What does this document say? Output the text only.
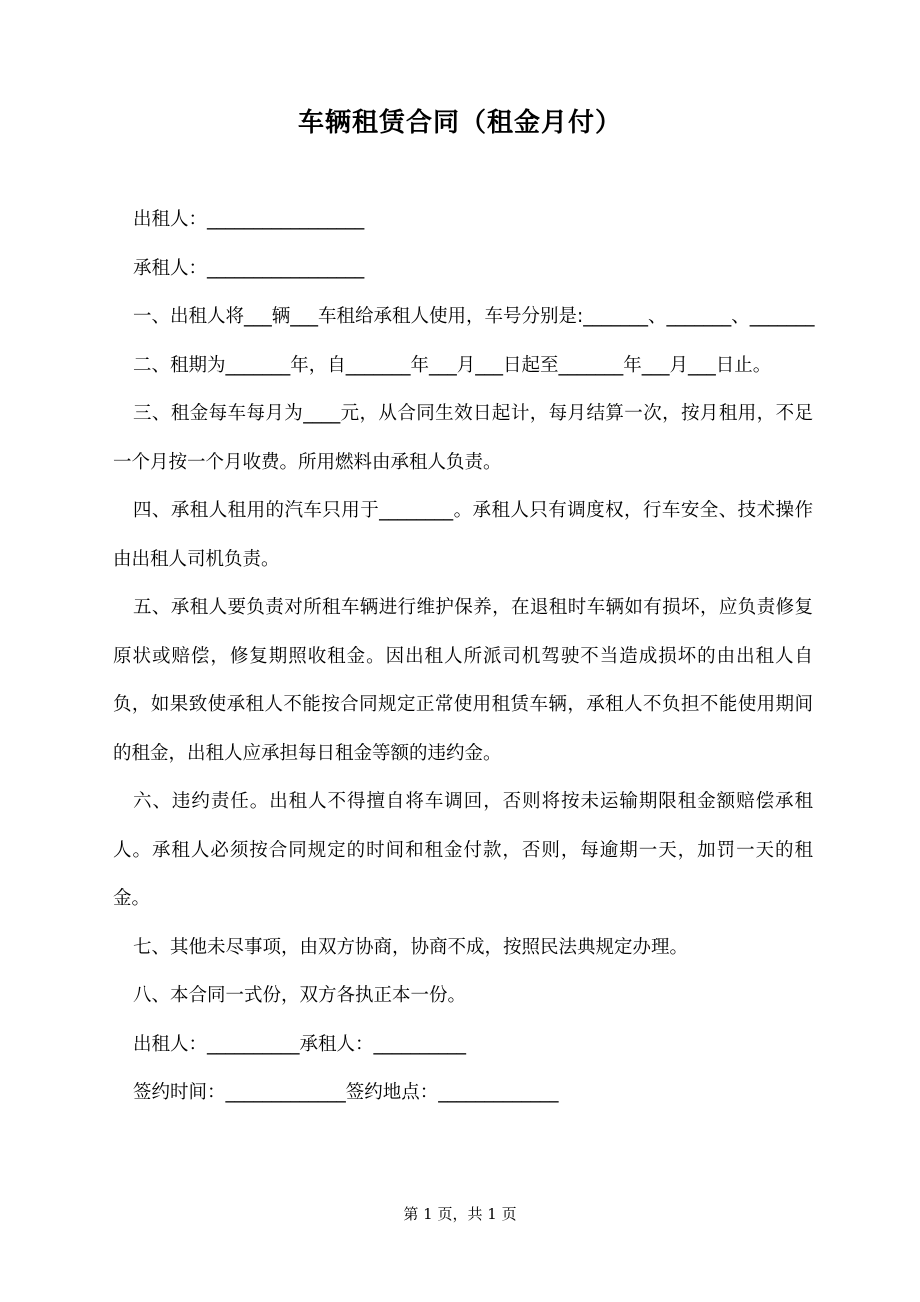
车辆租赁合同（租金月付）

出租人：_________________

承租人：_________________

一、出租人将___辆___车租给承租人使用，车号分别是:_______、_______、_______

二、租期为_______年，自_______年___月___日起至_______年___月___日止。

三、租金每车每月为____元，从合同生效日起计，每月结算一次，按月租用，不足一个月按一个月收费。所用燃料由承租人负责。

四、承租人租用的汽车只用于________。承租人只有调度权，行车安全、技术操作由出租人司机负责。

五、承租人要负责对所租车辆进行维护保养，在退租时车辆如有损坏，应负责修复原状或赔偿，修复期照收租金。因出租人所派司机驾驶不当造成损坏的由出租人自负，如果致使承租人不能按合同规定正常使用租赁车辆，承租人不负担不能使用期间的租金，出租人应承担每日租金等额的违约金。

六、违约责任。出租人不得擅自将车调回，否则将按未运输期限租金额赔偿承租人。承租人必须按合同规定的时间和租金付款，否则，每逾期一天，加罚一天的租金。

七、其他未尽事项，由双方协商，协商不成，按照民法典规定办理。

八、本合同一式份，双方各执正本一份。

出租人：__________承租人：__________

签约时间：_____________签约地点：_____________

第 1 页，共 1 页
